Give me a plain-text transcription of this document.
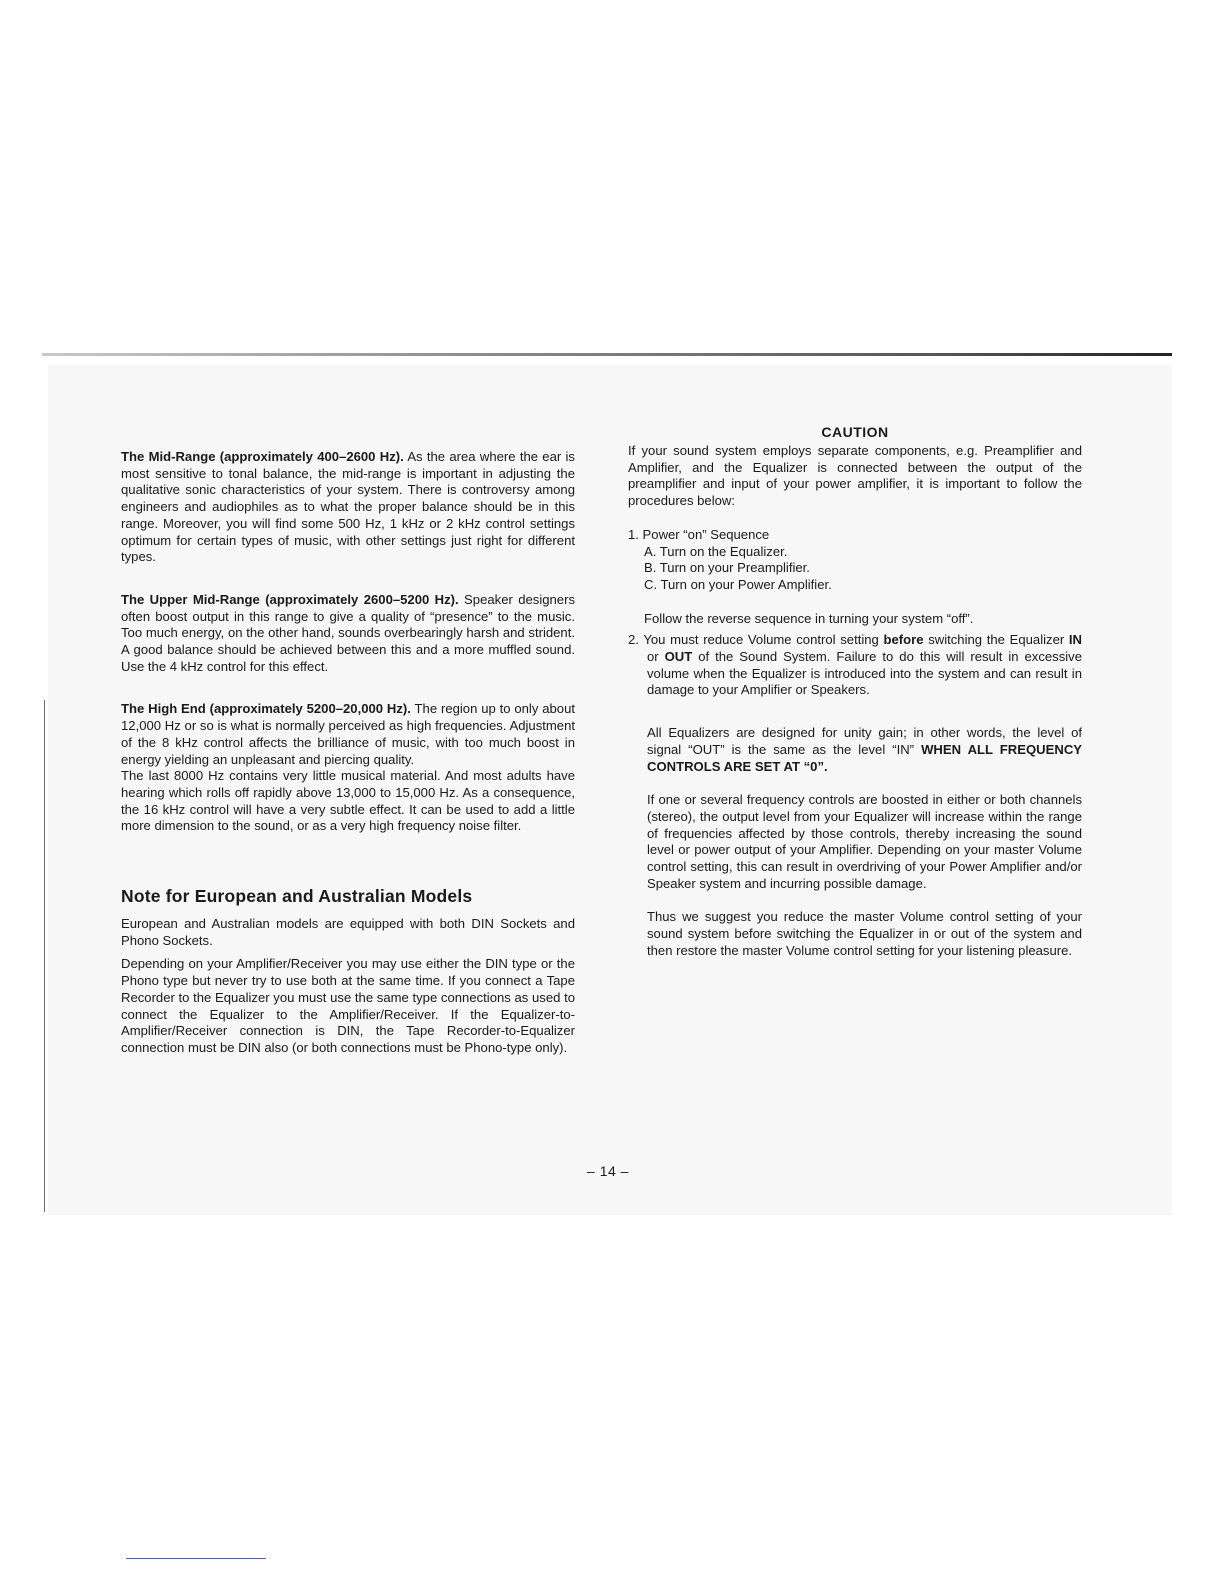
The Mid-Range (approximately 400–2600 Hz). As the area where the ear is most sensitive to tonal balance, the mid-range is important in adjusting the qualitative sonic characteristics of your system. There is controversy among engineers and audiophiles as to what the proper balance should be in this range. Moreover, you will find some 500 Hz, 1 kHz or 2 kHz control settings optimum for certain types of music, with other settings just right for different types.

The Upper Mid-Range (approximately 2600–5200 Hz). Speaker designers often boost output in this range to give a quality of “presence” to the music. Too much energy, on the other hand, sounds overbearingly harsh and strident. A good balance should be achieved between this and a more muffled sound. Use the 4 kHz control for this effect.

The High End (approximately 5200–20,000 Hz). The region up to only about 12,000 Hz or so is what is normally perceived as high frequencies. Adjustment of the 8 kHz control affects the brilliance of music, with too much boost in energy yielding an unpleasant and piercing quality.

The last 8000 Hz contains very little musical material. And most adults have hearing which rolls off rapidly above 13,000 to 15,000 Hz. As a consequence, the 16 kHz control will have a very subtle effect. It can be used to add a little more dimension to the sound, or as a very high frequency noise filter.

Note for European and Australian Models

European and Australian models are equipped with both DIN Sockets and Phono Sockets.

Depending on your Amplifier/Receiver you may use either the DIN type or the Phono type but never try to use both at the same time. If you connect a Tape Recorder to the Equalizer you must use the same type connections as used to connect the Equalizer to the Amplifier/Receiver. If the Equalizer-to-Amplifier/Receiver connection is DIN, the Tape Recorder-to-Equalizer connection must be DIN also (or both connections must be Phono-type only).

CAUTION

If your sound system employs separate components, e.g. Preamplifier and Amplifier, and the Equalizer is connected between the output of the preamplifier and input of your power amplifier, it is important to follow the procedures below:

1. Power “on” Sequence

A. Turn on the Equalizer.

B. Turn on your Preamplifier.

C. Turn on your Power Amplifier.

Follow the reverse sequence in turning your system “off”.

2. You must reduce Volume control setting before switching the Equalizer IN or OUT of the Sound System. Failure to do this will result in excessive volume when the Equalizer is introduced into the system and can result in damage to your Amplifier or Speakers.

All Equalizers are designed for unity gain; in other words, the level of signal “OUT” is the same as the level “IN” WHEN ALL FREQUENCY CONTROLS ARE SET AT “0”.

If one or several frequency controls are boosted in either or both channels (stereo), the output level from your Equalizer will increase within the range of frequencies affected by those controls, thereby increasing the sound level or power output of your Amplifier. Depending on your master Volume control setting, this can result in overdriving of your Power Amplifier and/or Speaker system and incurring possible damage.

Thus we suggest you reduce the master Volume control setting of your sound system before switching the Equalizer in or out of the system and then restore the master Volume control setting for your listening pleasure.

– 14 –
